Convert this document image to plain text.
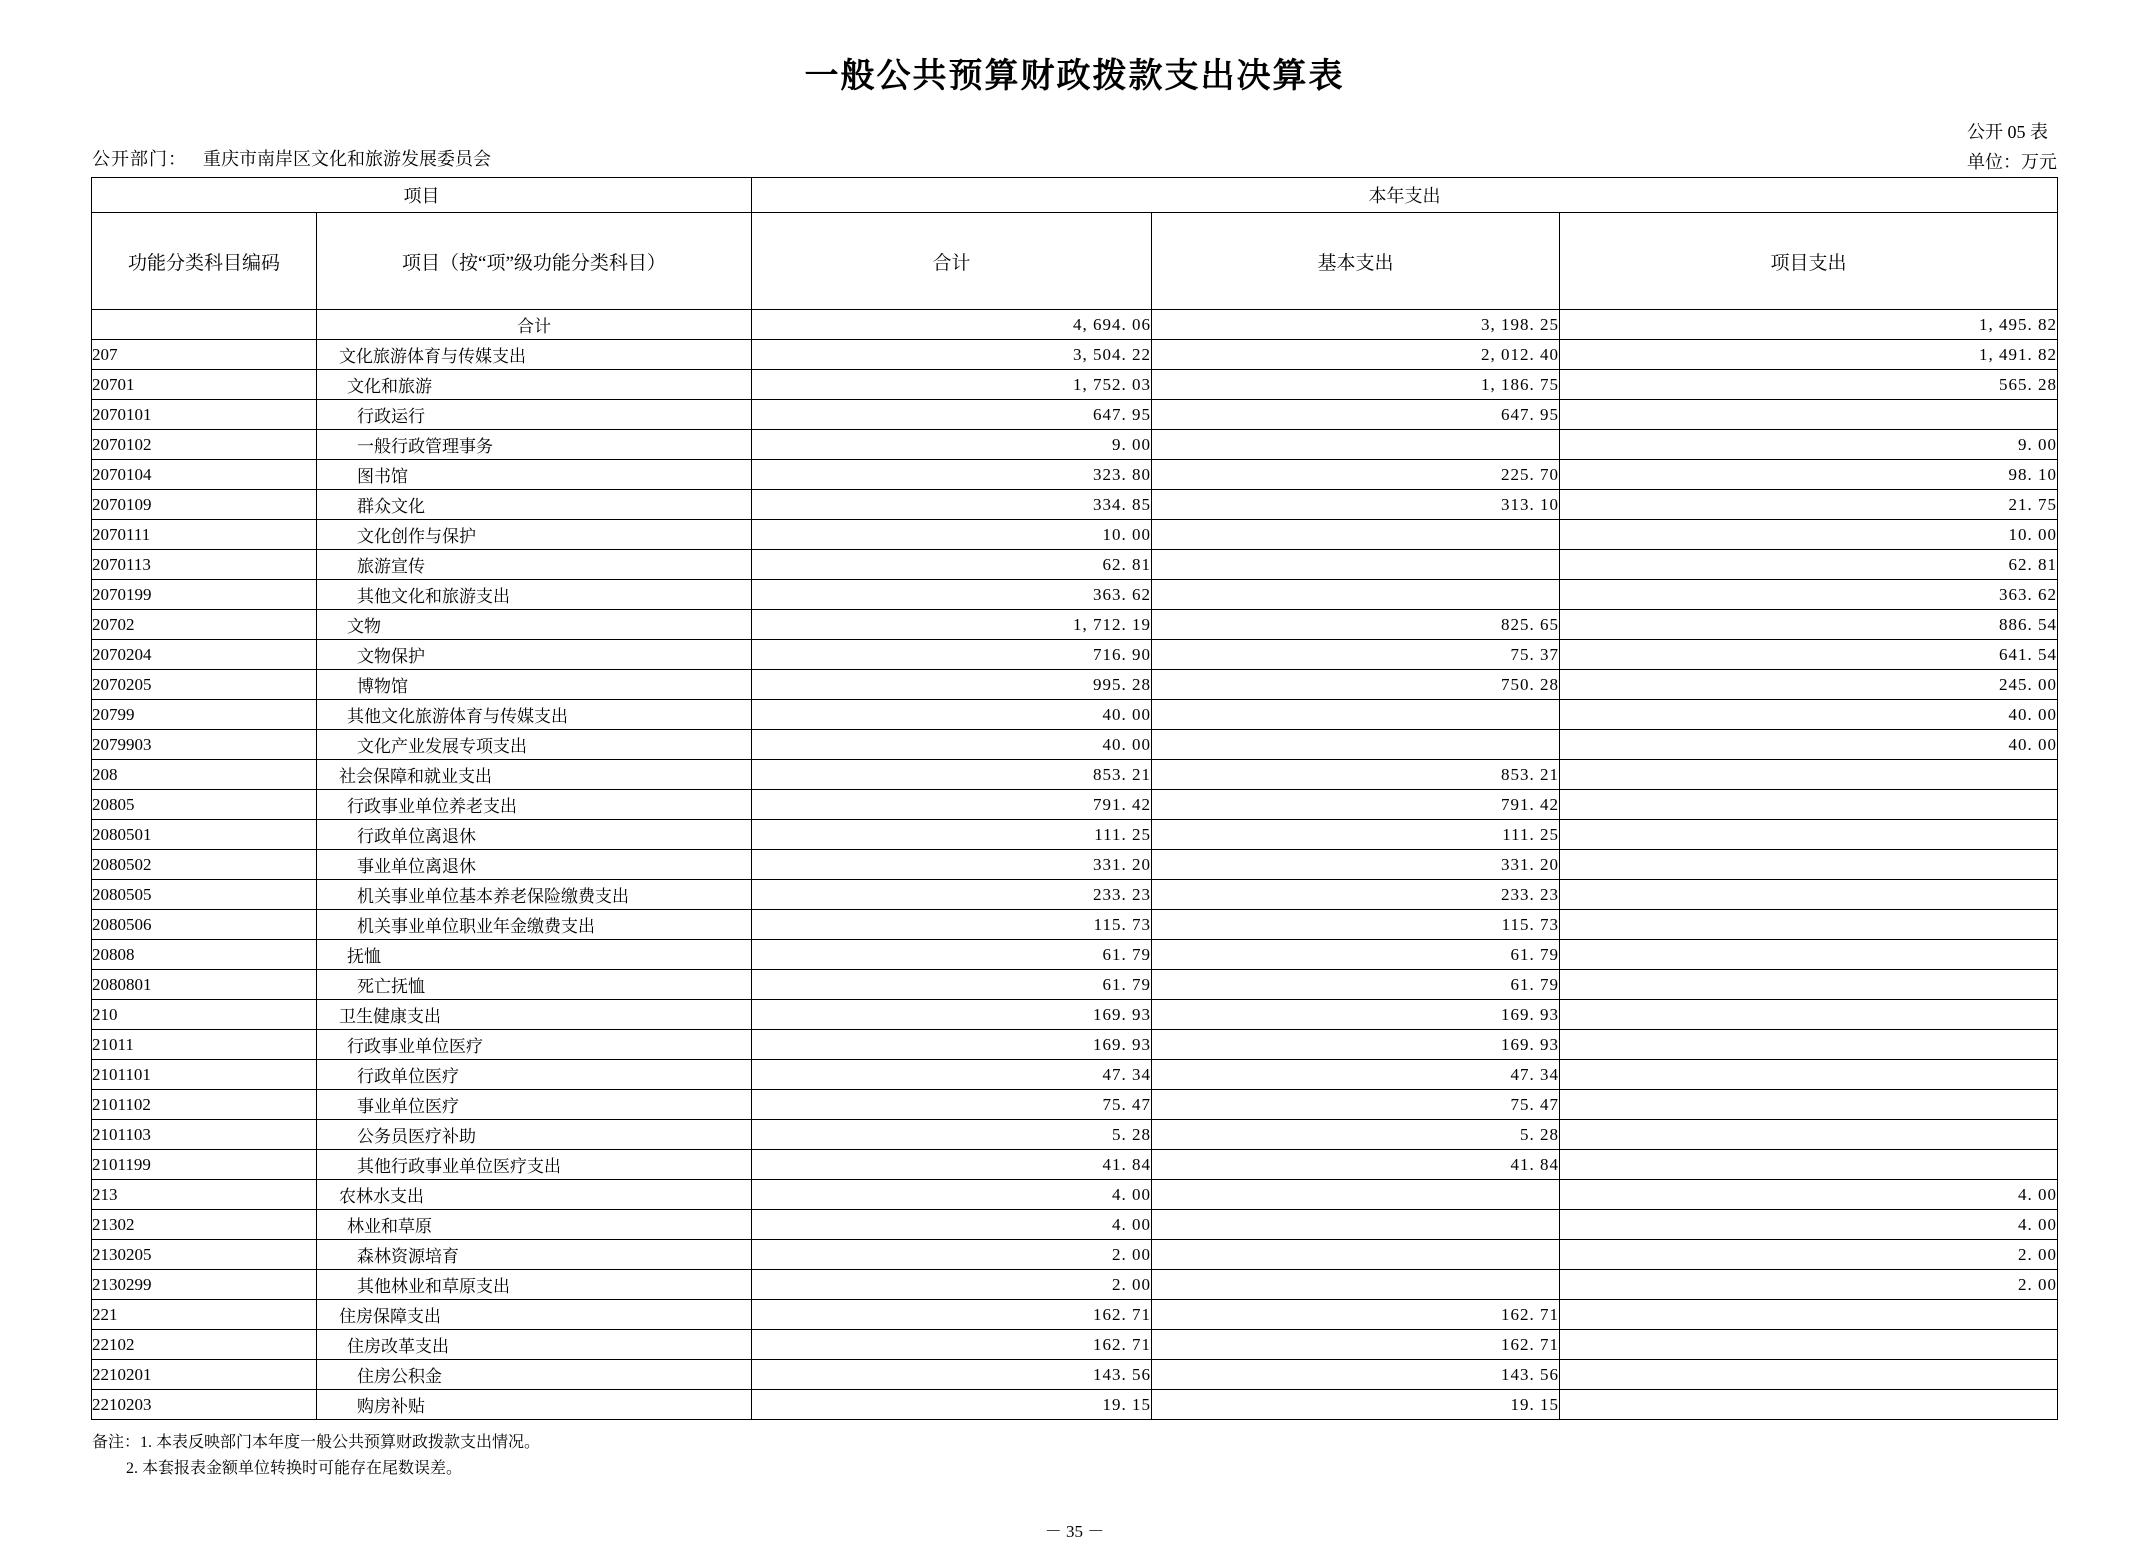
一般公共预算财政拨款支出决算表
公开部门： 重庆市南岸区文化和旅游发展委员会
公开 05 表
单位：万元
项目		本年支出		
功能分类科目编码	项目（按“项”级功能分类科目）	合计	基本支出	项目支出
	合计	4, 694. 06	3, 198. 25	1, 495. 82
207	文化旅游体育与传媒支出	3, 504. 22	2, 012. 40	1, 491. 82
20701	文化和旅游	1, 752. 03	1, 186. 75	565. 28
2070101	行政运行	647. 95	647. 95	
2070102	一般行政管理事务	9. 00		9. 00
2070104	图书馆	323. 80	225. 70	98. 10
2070109	群众文化	334. 85	313. 10	21. 75
2070111	文化创作与保护	10. 00		10. 00
2070113	旅游宣传	62. 81		62. 81
2070199	其他文化和旅游支出	363. 62		363. 62
20702	文物	1, 712. 19	825. 65	886. 54
2070204	文物保护	716. 90	75. 37	641. 54
2070205	博物馆	995. 28	750. 28	245. 00
20799	其他文化旅游体育与传媒支出	40. 00		40. 00
2079903	文化产业发展专项支出	40. 00		40. 00
208	社会保障和就业支出	853. 21	853. 21	
20805	行政事业单位养老支出	791. 42	791. 42	
2080501	行政单位离退休	111. 25	111. 25	
2080502	事业单位离退休	331. 20	331. 20	
2080505	机关事业单位基本养老保险缴费支出	233. 23	233. 23	
2080506	机关事业单位职业年金缴费支出	115. 73	115. 73	
20808	抚恤	61. 79	61. 79	
2080801	死亡抚恤	61. 79	61. 79	
210	卫生健康支出	169. 93	169. 93	
21011	行政事业单位医疗	169. 93	169. 93	
2101101	行政单位医疗	47. 34	47. 34	
2101102	事业单位医疗	75. 47	75. 47	
2101103	公务员医疗补助	5. 28	5. 28	
2101199	其他行政事业单位医疗支出	41. 84	41. 84	
213	农林水支出	4. 00		4. 00
21302	林业和草原	4. 00		4. 00
2130205	森林资源培育	2. 00		2. 00
2130299	其他林业和草原支出	2. 00		2. 00
221	住房保障支出	162. 71	162. 71	
22102	住房改革支出	162. 71	162. 71	
2210201	住房公积金	143. 56	143. 56	
2210203	购房补贴	19. 15	19. 15	
备注：1. 本表反映部门本年度一般公共预算财政拨款支出情况。
2. 本套报表金额单位转换时可能存在尾数误差。
－ 35 －
